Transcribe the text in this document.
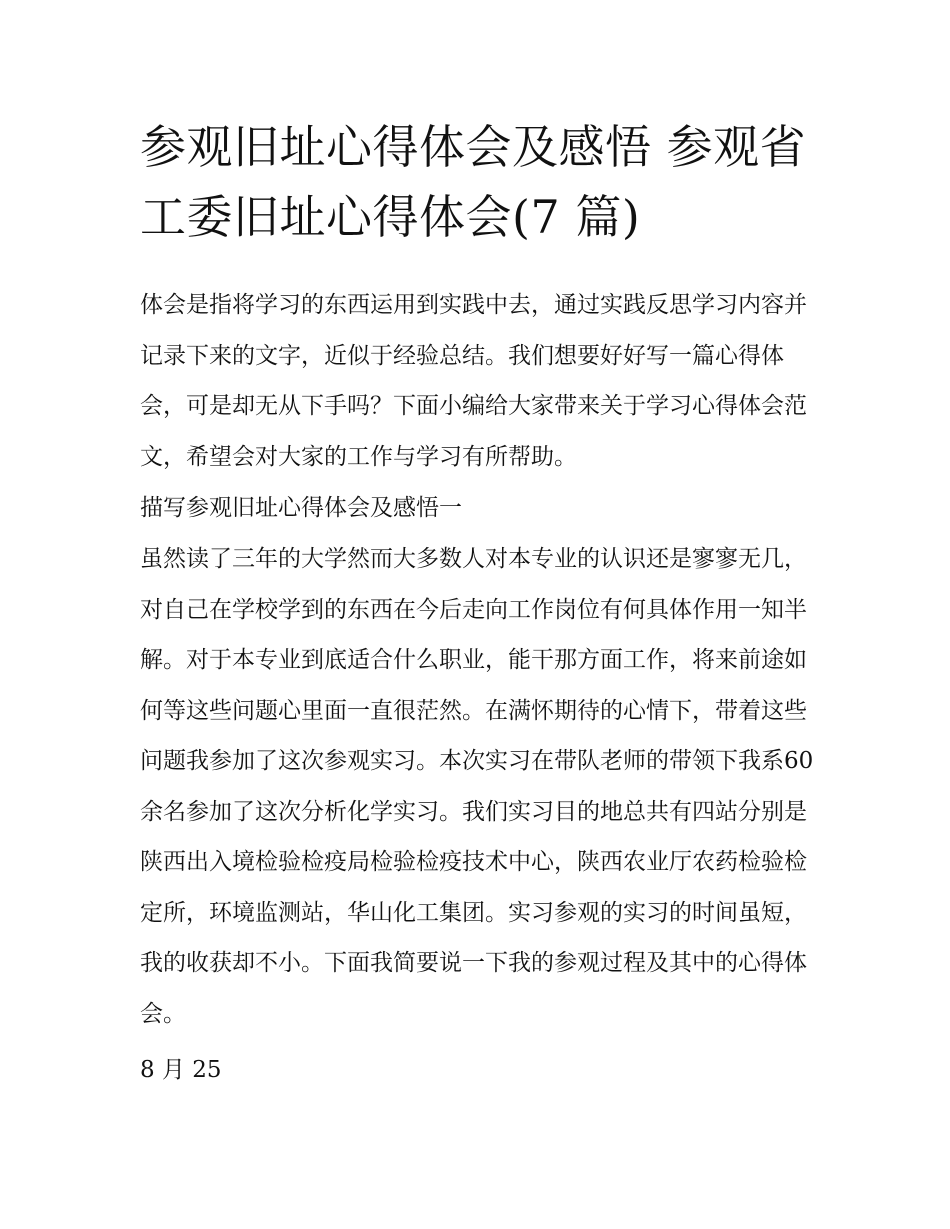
参观旧址心得体会及感悟 参观省工委旧址心得体会(7 篇)

体会是指将学习的东西运用到实践中去，通过实践反思学习内容并记录下来的文字，近似于经验总结。我们想要好好写一篇心得体会，可是却无从下手吗？下面小编给大家带来关于学习心得体会范文，希望会对大家的工作与学习有所帮助。

描写参观旧址心得体会及感悟一

虽然读了三年的大学然而大多数人对本专业的认识还是寥寥无几，对自己在学校学到的东西在今后走向工作岗位有何具体作用一知半解。对于本专业到底适合什么职业，能干那方面工作，将来前途如何等这些问题心里面一直很茫然。在满怀期待的心情下，带着这些问题我参加了这次参观实习。本次实习在带队老师的带领下我系60余名参加了这次分析化学实习。我们实习目的地总共有四站分别是陕西出入境检验检疫局检验检疫技术中心，陕西农业厅农药检验检定所，环境监测站，华山化工集团。实习参观的实习的时间虽短，我的收获却不小。下面我简要说一下我的参观过程及其中的心得体会。

8 月 25
